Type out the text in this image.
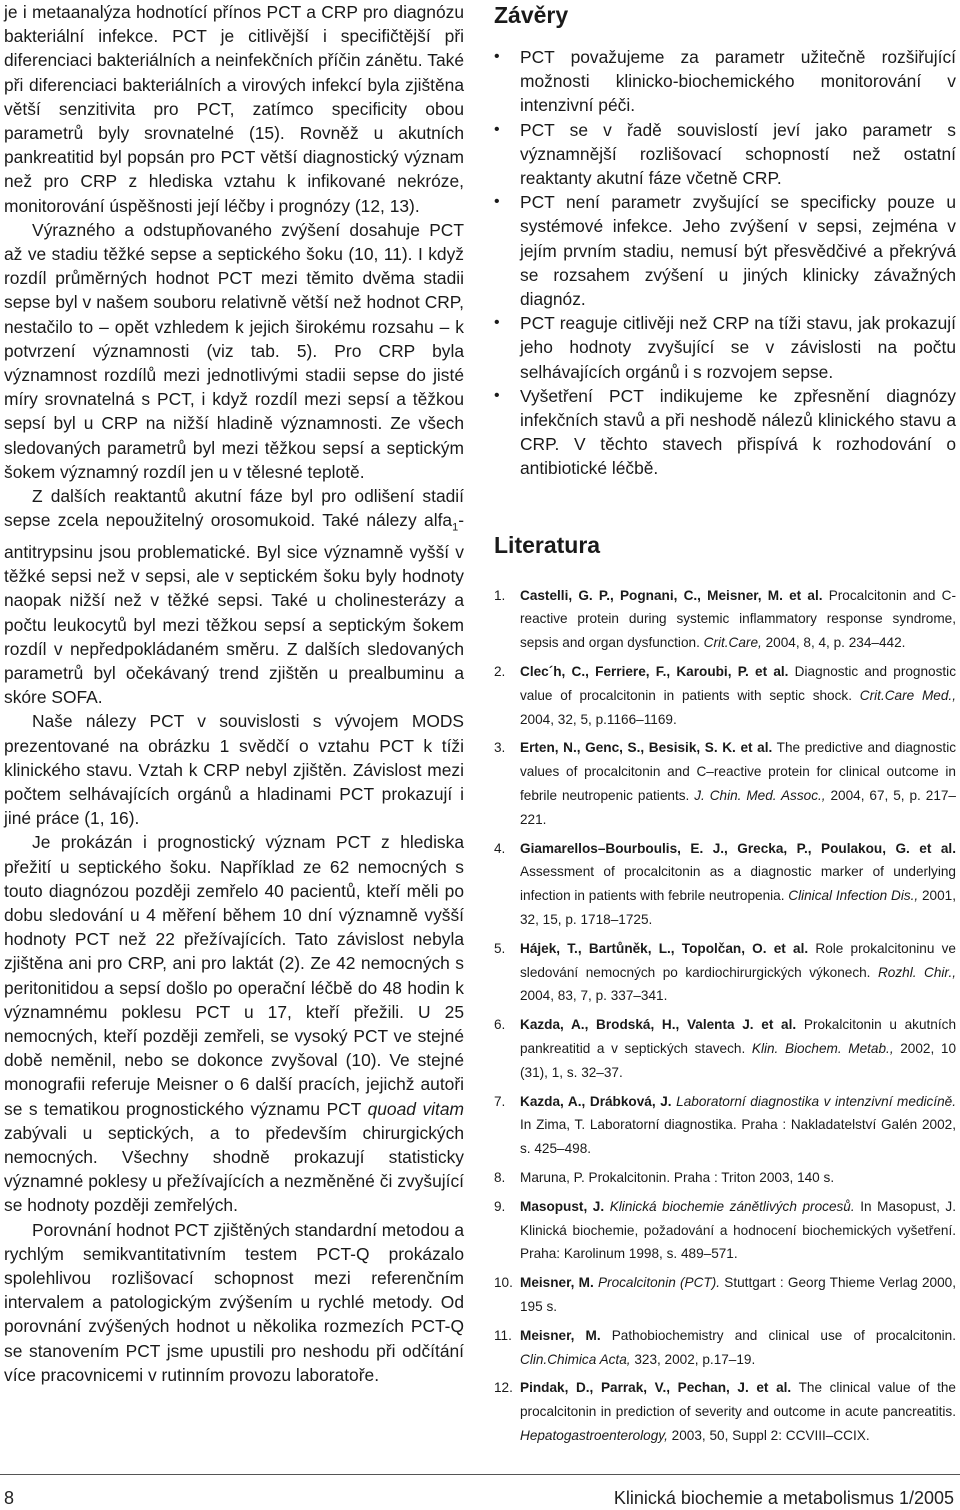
je i metaanalýza hodnotící přínos PCT a CRP pro diagnózu bakteriální infekce. PCT je citlivější i specifičtější při diferenciaci bakteriálních a neinfekčních příčin zánětu. Také při diferenciaci bakteriálních a virových infekcí byla zjištěna větší senzitivita pro PCT, zatímco specificity obou parametrů byly srovnatelné (15). Rovněž u akutních pankreatitid byl popsán pro PCT větší diagnostický význam než pro CRP z hlediska vztahu k infikované nekróze, monitorování úspěšnosti její léčby i prognózy (12, 13).

Výrazného a odstupňovaného zvýšení dosahuje PCT až ve stadiu těžké sepse a septického šoku (10, 11). I když rozdíl průměrných hodnot PCT mezi těmito dvěma stadii sepse byl v našem souboru relativně větší než hodnot CRP, nestačilo to – opět vzhledem k jejich širokému rozsahu – k potvrzení významnosti (viz tab. 5). Pro CRP byla významnost rozdílů mezi jednotlivými stadii sepse do jisté míry srovnatelná s PCT, i když rozdíl mezi sepsí a těžkou sepsí byl u CRP na nižší hladině významnosti. Ze všech sledovaných parametrů byl mezi těžkou sepsí a septickým šokem významný rozdíl jen u v tělesné teplotě.

Z dalších reaktantů akutní fáze byl pro odlišení stadií sepse zcela nepoužitelný orosomukoid. Také nálezy alfa$_1$-antitrypsinu jsou problematické. Byl sice významně vyšší v těžké sepsi než v sepsi, ale v septickém šoku byly hodnoty naopak nižší než v těžké sepsi. Také u cholinesterázy a počtu leukocytů byl mezi těžkou sepsí a septickým šokem rozdíl v nepředpokládaném směru. Z dalších sledovaných parametrů byl očekávaný trend zjištěn u prealbuminu a skóre SOFA.

Naše nálezy PCT v souvislosti s vývojem MODS prezentované na obrázku 1 svědčí o vztahu PCT k tíži klinického stavu. Vztah k CRP nebyl zjištěn. Závislost mezi počtem selhávajících orgánů a hladinami PCT prokazují i jiné práce (1, 16).

Je prokázán i prognostický význam PCT z hlediska přežití u septického šoku. Například ze 62 nemocných s touto diagnózou později zemřelo 40 pacientů, kteří měli po dobu sledování u 4 měření během 10 dní významně vyšší hodnoty PCT než 22 přežívajících. Tato závislost nebyla zjištěna ani pro CRP, ani pro laktát (2). Ze 42 nemocných s peritonitidou a sepsí došlo po operační léčbě do 48 hodin k významnému poklesu PCT u 17, kteří přežili. U 25 nemocných, kteří později zemřeli, se vysoký PCT ve stejné době neměnil, nebo se dokonce zvyšoval (10). Ve stejné monografii referuje Meisner o 6 další pracích, jejichž autoři se s tematikou prognostického významu PCT quoad vitam zabývali u septických, a to především chirurgických nemocných. Všechny shodně prokazují statisticky významné poklesy u přežívajících a nezměněné či zvyšující se hodnoty později zemřelých.

Porovnání hodnot PCT zjištěných standardní metodou a rychlým semikvantitativním testem PCT-Q prokázalo spolehlivou rozlišovací schopnost mezi referenčním intervalem a patologickým zvýšením u rychlé metody. Od porovnání zvýšených hodnot u několika rozmezích PCT-Q se stanovením PCT jsme upustili pro neshodu při odčítání více pracovnicemi v rutinním provozu laboratoře.

Závěry
• PCT považujeme za parametr užitečně rozšiřující možnosti klinicko-biochemického monitorování v intenzivní péči.
• PCT se v řadě souvislostí jeví jako parametr s významnější rozlišovací schopností než ostatní reaktanty akutní fáze včetně CRP.
• PCT není parametr zvyšující se specificky pouze u systémové infekce. Jeho zvýšení v sepsi, zejména v jejím prvním stadiu, nemusí být přesvědčivé a překrývá se rozsahem zvýšení u jiných klinicky závažných diagnóz.
• PCT reaguje citlivěji než CRP na tíži stavu, jak prokazují jeho hodnoty zvyšující se v závislosti na počtu selhávajících orgánů i s rozvojem sepse.
• Vyšetření PCT indikujeme ke zpřesnění diagnózy infekčních stavů a při neshodě nálezů klinického stavu a CRP. V těchto stavech přispívá k rozhodování o antibiotické léčbě.
Literatura
1. Castelli, G. P., Pognani, C., Meisner, M. et al. Procalcitonin and C-reactive protein during systemic inflammatory response syndrome, sepsis and organ dysfunction. Crit.Care, 2004, 8, 4, p. 234–442.
2. Clec´h, C., Ferriere, F., Karoubi, P. et al. Diagnostic and prognostic value of procalcitonin in patients with septic shock. Crit.Care Med., 2004, 32, 5, p.1166–1169.
3. Erten, N., Genc, S., Besisik, S. K. et al. The predictive and diagnostic values of procalcitonin and C–reactive protein for clinical outcome in febrile neutropenic patients. J. Chin. Med. Assoc., 2004, 67, 5, p. 217–221.
4. Giamarellos–Bourboulis, E. J., Grecka, P., Poulakou, G. et al. Assessment of procalcitonin as a diagnostic marker of underlying infection in patients with febrile neutropenia. Clinical Infection Dis., 2001, 32, 15, p. 1718–1725.
5. Hájek, T., Bartůněk, L., Topolčan, O. et al. Role prokalcitoninu ve sledování nemocných po kardiochirurgických výkonech. Rozhl. Chir., 2004, 83, 7, p. 337–341.
6. Kazda, A., Brodská, H., Valenta J. et al. Prokalcitonin u akutních pankreatitid a v septických stavech. Klin. Biochem. Metab., 2002, 10 (31), 1, s. 32–37.
7. Kazda, A., Drábková, J. Laboratorní diagnostika v intenzivní medicíně. In Zima, T. Laboratorní diagnostika. Praha : Nakladatelství Galén 2002, s. 425–498.
8. Maruna, P. Prokalcitonin. Praha : Triton 2003, 140 s.
9. Masopust, J. Klinická biochemie zánětlivých procesů. In Masopust, J. Klinická biochemie, požadování a hodnocení biochemických vyšetření. Praha: Karolinum 1998, s. 489–571.
10. Meisner, M. Procalcitonin (PCT). Stuttgart : Georg Thieme Verlag 2000, 195 s.
11. Meisner, M. Pathobiochemistry and clinical use of procalcitonin. Clin.Chimica Acta, 323, 2002, p.17–19.
12. Pindak, D., Parrak, V., Pechan, J. et al. The clinical value of the procalcitonin in prediction of severity and outcome in acute pancreatitis. Hepatogastroenterology, 2003, 50, Suppl 2: CCVIII–CCIX.
8	Klinická biochemie a metabolismus 1/2005
